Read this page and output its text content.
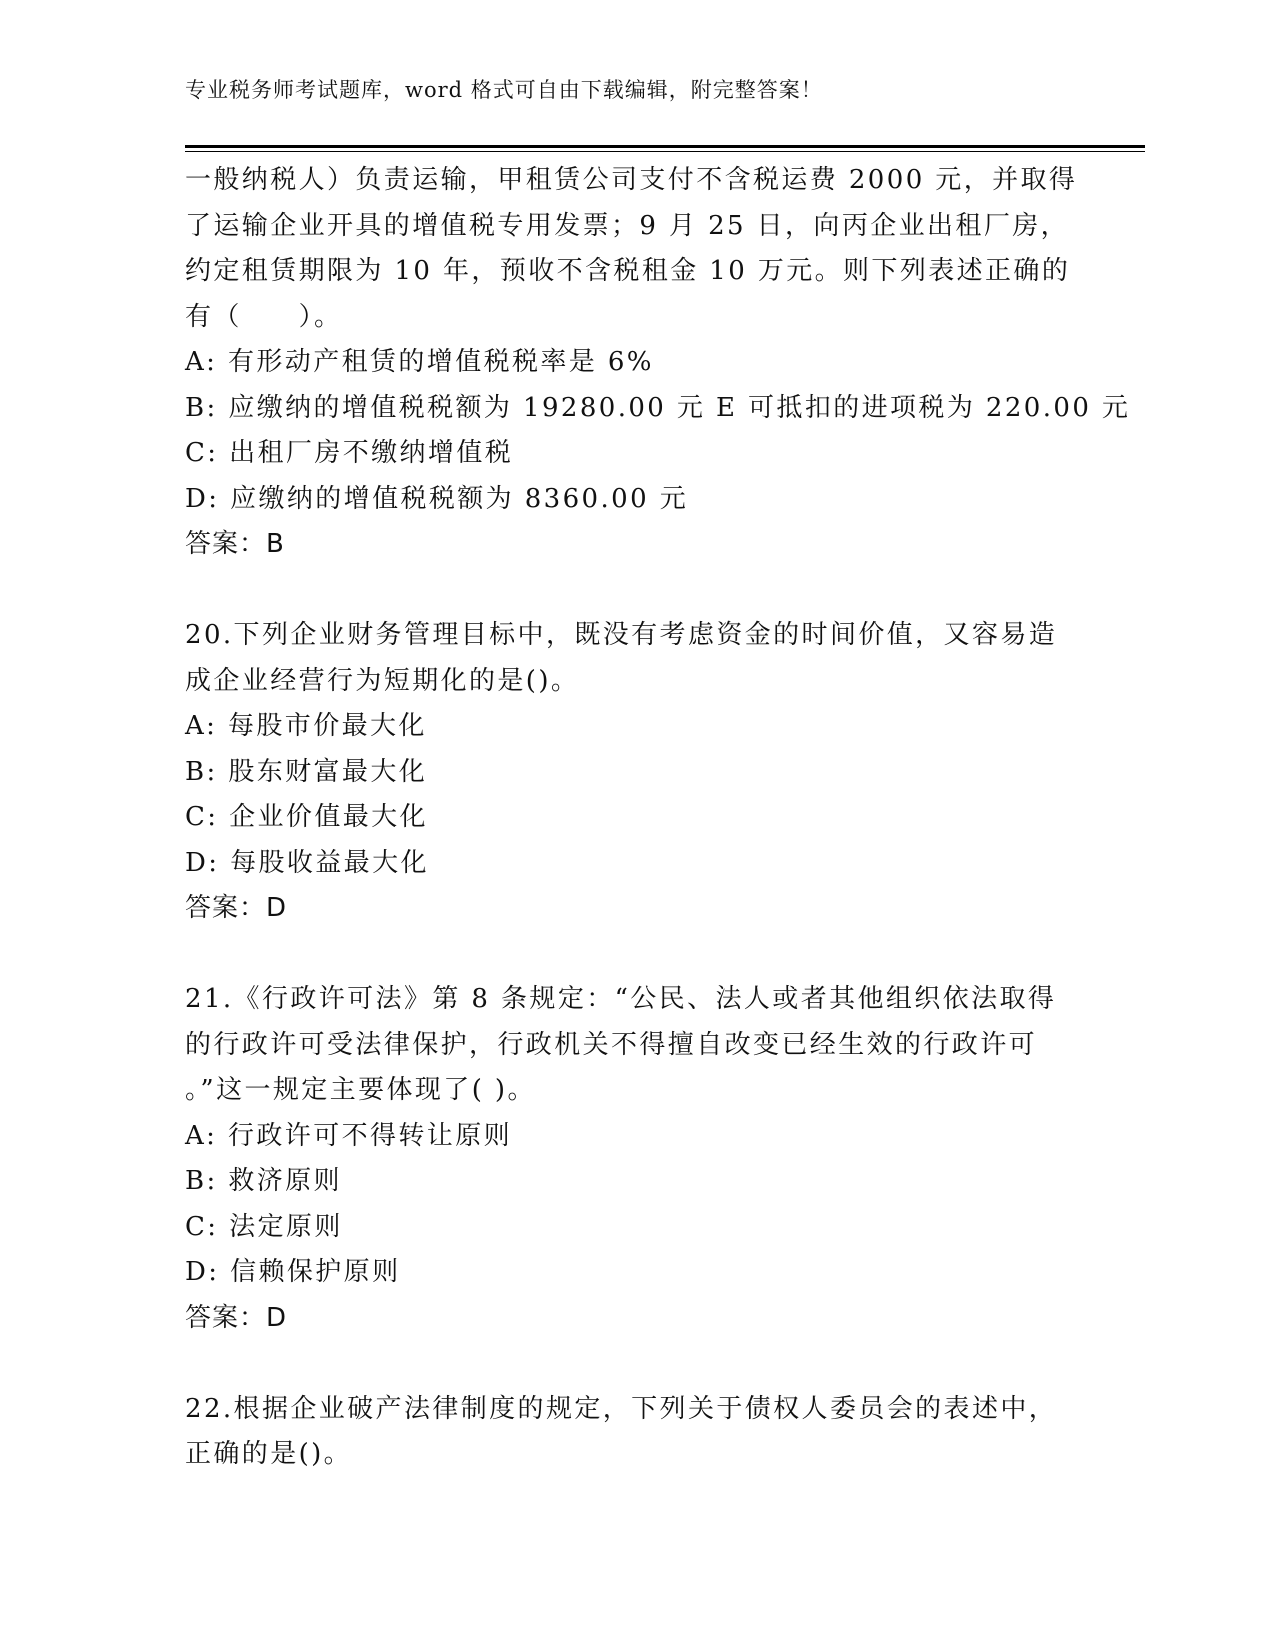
专业税务师考试题库，word 格式可自由下载编辑，附完整答案！
一般纳税人）负责运输，甲租赁公司支付不含税运费 2000 元，并取得
了运输企业开具的增值税专用发票；9 月 25 日，向丙企业出租厂房，
约定租赁期限为 10 年，预收不含税租金 10 万元。则下列表述正确的
有（　　）。
A: 有形动产租赁的增值税税率是 6%
B: 应缴纳的增值税税额为 19280.00 元 E 可抵扣的进项税为 220.00 元
C: 出租厂房不缴纳增值税
D: 应缴纳的增值税税额为 8360.00 元
答案：B
20.下列企业财务管理目标中，既没有考虑资金的时间价值，又容易造
成企业经营行为短期化的是()。
A: 每股市价最大化
B: 股东财富最大化
C: 企业价值最大化
D: 每股收益最大化
答案：D
21.《行政许可法》第 8 条规定：“公民、法人或者其他组织依法取得
的行政许可受法律保护，行政机关不得擅自改变已经生效的行政许可
。”这一规定主要体现了( )。
A: 行政许可不得转让原则
B: 救济原则
C: 法定原则
D: 信赖保护原则
答案：D
22.根据企业破产法律制度的规定，下列关于债权人委员会的表述中，
正确的是()。
